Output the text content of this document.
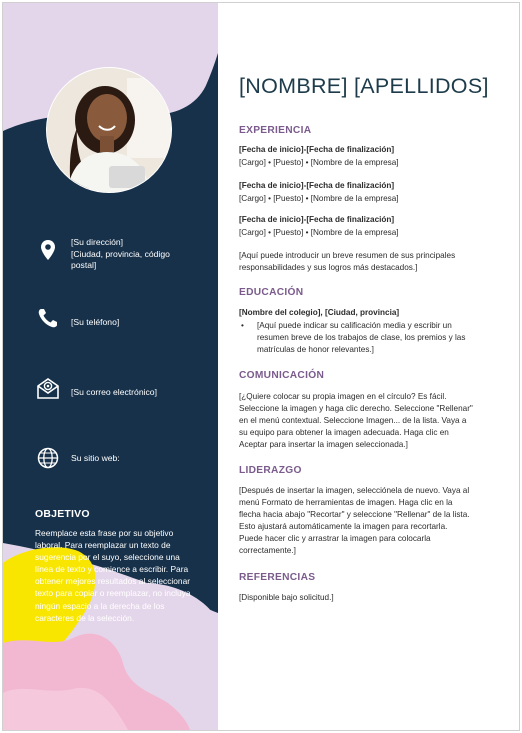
[Su dirección]
[Ciudad, provincia, código
postal]
[Su teléfono]
[Su correo electrónico]
Su sitio web:
OBJETIVO
Reemplace esta frase por su objetivo laboral. Para reemplazar un texto de sugerencia por el suyo, seleccione una línea de texto y comience a escribir. Para obtener mejores resultados al seleccionar texto para copiar o reemplazar, no incluya ningún espacio a la derecha de los caracteres de la selección.
[NOMBRE] [APELLIDOS]
EXPERIENCIA
[Fecha de inicio]-[Fecha de finalización]
[Cargo] • [Puesto] • [Nombre de la empresa]
[Fecha de inicio]-[Fecha de finalización]
[Cargo] • [Puesto] • [Nombre de la empresa]
[Fecha de inicio]-[Fecha de finalización]
[Cargo] • [Puesto] • [Nombre de la empresa]
[Aquí puede introducir un breve resumen de sus principales
responsabilidades y sus logros más destacados.]
EDUCACIÓN
[Nombre del colegio], [Ciudad, provincia]
•	[Aquí puede indicar su calificación media y escribir un
resumen breve de los trabajos de clase, los premios y las
matrículas de honor relevantes.]
COMUNICACIÓN
[¿Quiere colocar su propia imagen en el círculo? Es fácil.
Seleccione la imagen y haga clic derecho. Seleccione "Rellenar"
en el menú contextual. Seleccione Imagen... de la lista. Vaya a
su equipo para obtener la imagen adecuada. Haga clic en
Aceptar para insertar la imagen seleccionada.]
LIDERAZGO
[Después de insertar la imagen, selecciónela de nuevo. Vaya al
menú Formato de herramientas de imagen. Haga clic en la
flecha hacia abajo "Recortar" y seleccione "Rellenar" de la lista.
Esto ajustará automáticamente la imagen para recortarla.
Puede hacer clic y arrastrar la imagen para colocarla
correctamente.]
REFERENCIAS
[Disponible bajo solicitud.]
